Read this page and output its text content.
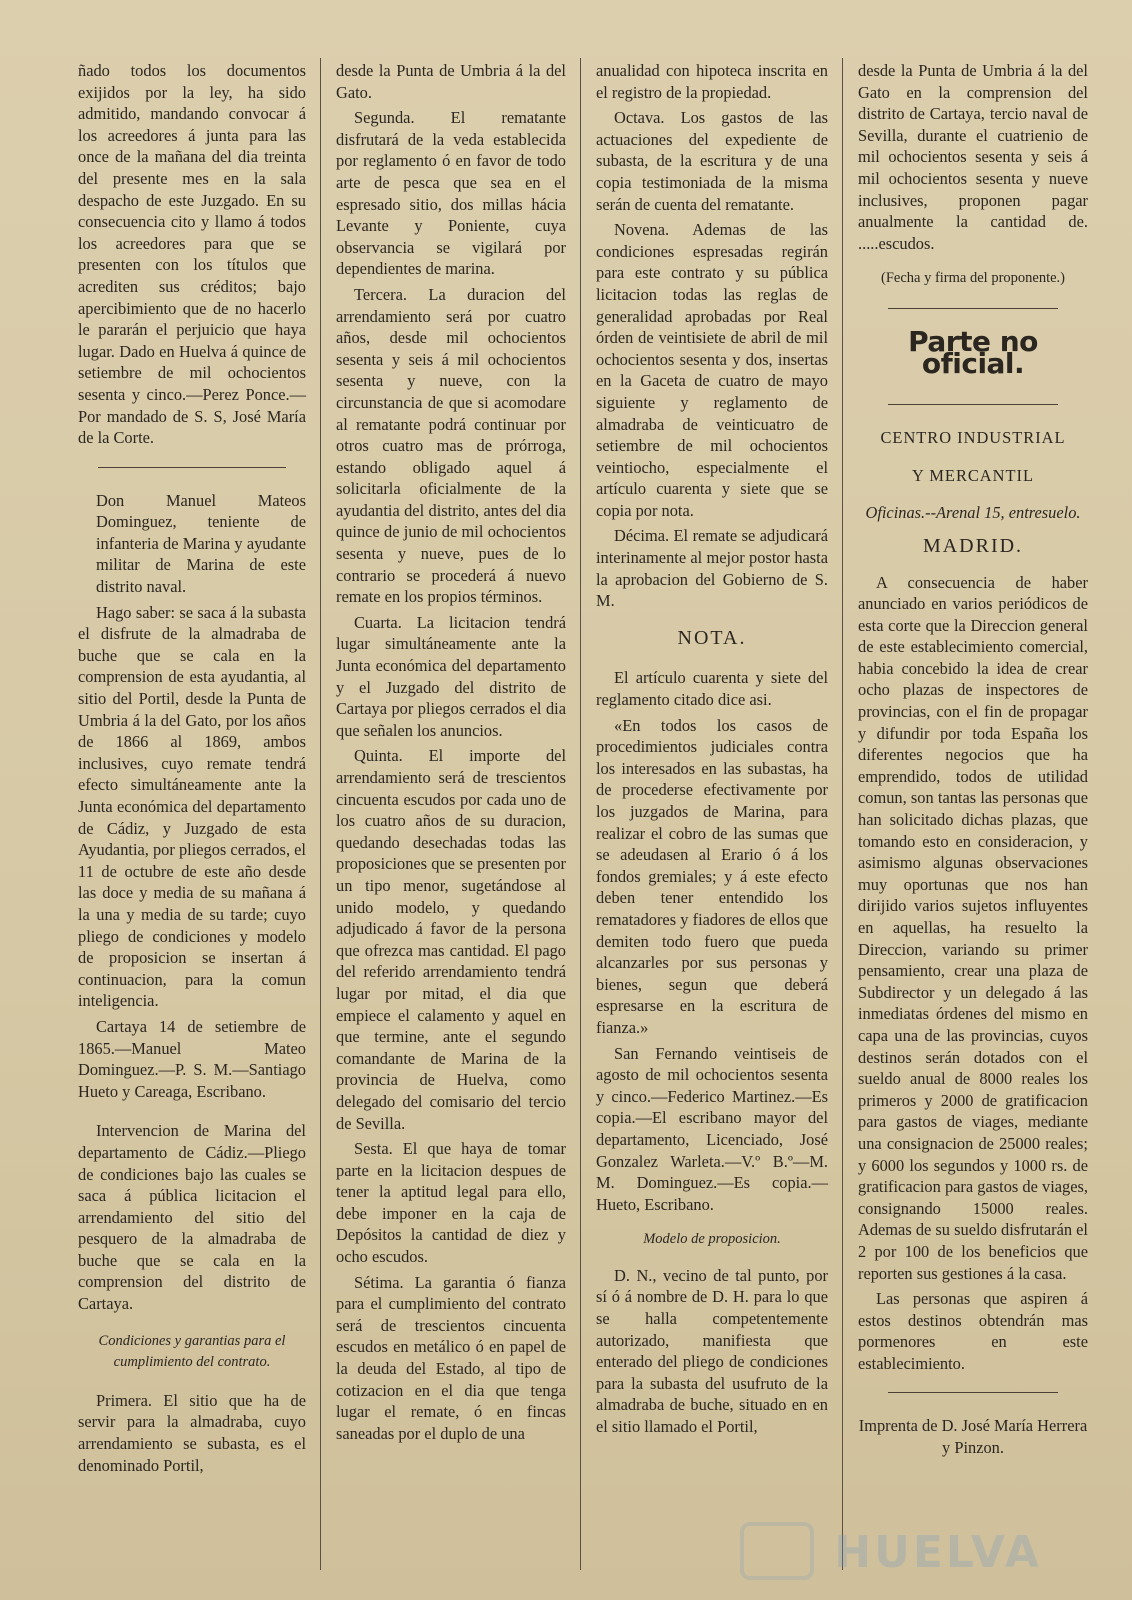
ñado todos los documentos exijidos por la ley, ha sido admitido, mandando convocar á los acreedores á junta para las once de la mañana del dia treinta del presente mes en la sala despacho de este Juzgado. En su consecuencia cito y llamo á todos los acreedores para que se presenten con los títulos que acrediten sus créditos; bajo apercibimiento que de no hacerlo le pararán el perjuicio que haya lugar. Dado en Huelva á quince de setiembre de mil ochocientos sesenta y cinco.—Perez Ponce.—Por mandado de S. S, José María de la Corte.

Don Manuel Mateos Dominguez, teniente de infanteria de Marina y ayudante militar de Marina de este distrito naval.

Hago saber: se saca á la subasta el disfrute de la almadraba de buche que se cala en la comprension de esta ayudantia, al sitio del Portil, desde la Punta de Umbria á la del Gato, por los años de 1866 al 1869, ambos inclusives, cuyo remate tendrá efecto simultáneamente ante la Junta económica del departamento de Cádiz, y Juzgado de esta Ayudantia, por pliegos cerrados, el 11 de octubre de este año desde las doce y media de su mañana á la una y media de su tarde; cuyo pliego de condiciones y modelo de proposicion se insertan á continuacion, para la comun inteligencia.

Cartaya 14 de setiembre de 1865.—Manuel Mateo Dominguez.—P. S. M.—Santiago Hueto y Careaga, Escribano.

Intervencion de Marina del departamento de Cádiz.—Pliego de condiciones bajo las cuales se saca á pública licitacion el arrendamiento del sitio del pesquero de la almadraba de buche que se cala en la comprension del distrito de Cartaya.

Condiciones y garantias para el cumplimiento del contrato.

Primera. El sitio que ha de servir para la almadraba, cuyo arrendamiento se subasta, es el denominado Portil,

desde la Punta de Umbria á la del Gato.

Segunda. El rematante disfrutará de la veda establecida por reglamento ó en favor de todo arte de pesca que sea en el espresado sitio, dos millas hácia Levante y Poniente, cuya observancia se vigilará por dependientes de marina.

Tercera. La duracion del arrendamiento será por cuatro años, desde mil ochocientos sesenta y seis á mil ochocientos sesenta y nueve, con la circunstancia de que si acomodare al rematante podrá continuar por otros cuatro mas de prórroga, estando obligado aquel á solicitarla oficialmente de la ayudantia del distrito, antes del dia quince de junio de mil ochocientos sesenta y nueve, pues de lo contrario se procederá á nuevo remate en los propios términos.

Cuarta. La licitacion tendrá lugar simultáneamente ante la Junta económica del departamento y el Juzgado del distrito de Cartaya por pliegos cerrados el dia que señalen los anuncios.

Quinta. El importe del arrendamiento será de trescientos cincuenta escudos por cada uno de los cuatro años de su duracion, quedando desechadas todas las proposiciones que se presenten por un tipo menor, sugetándose al unido modelo, y quedando adjudicado á favor de la persona que ofrezca mas cantidad. El pago del referido arrendamiento tendrá lugar por mitad, el dia que empiece el calamento y aquel en que termine, ante el segundo comandante de Marina de la provincia de Huelva, como delegado del comisario del tercio de Sevilla.

Sesta. El que haya de tomar parte en la licitacion despues de tener la aptitud legal para ello, debe imponer en la caja de Depósitos la cantidad de diez y ocho escudos.

Sétima. La garantia ó fianza para el cumplimiento del contrato será de trescientos cincuenta escudos en metálico ó en papel de la deuda del Estado, al tipo de cotizacion en el dia que tenga lugar el remate, ó en fincas saneadas por el duplo de una

anualidad con hipoteca inscrita en el registro de la propiedad.

Octava. Los gastos de las actuaciones del expediente de subasta, de la escritura y de una copia testimoniada de la misma serán de cuenta del rematante.

Novena. Ademas de las condiciones espresadas regirán para este contrato y su pública licitacion todas las reglas de generalidad aprobadas por Real órden de veintisiete de abril de mil ochocientos sesenta y dos, insertas en la Gaceta de cuatro de mayo siguiente y reglamento de almadraba de veinticuatro de setiembre de mil ochocientos veintiocho, especialmente el artículo cuarenta y siete que se copia por nota.

Décima. El remate se adjudicará interinamente al mejor postor hasta la aprobacion del Gobierno de S. M.

NOTA.

El artículo cuarenta y siete del reglamento citado dice asi.

«En todos los casos de procedimientos judiciales contra los interesados en las subastas, ha de procederse efectivamente por los juzgados de Marina, para realizar el cobro de las sumas que se adeudasen al Erario ó á los fondos gremiales; y á este efecto deben tener entendido los rematadores y fiadores de ellos que demiten todo fuero que pueda alcanzarles por sus personas y bienes, segun que deberá espresarse en la escritura de fianza.»

San Fernando veintiseis de agosto de mil ochocientos sesenta y cinco.—Federico Martinez.—Es copia.—El escribano mayor del departamento, Licenciado, José Gonzalez Warleta.—V.º B.º—M. M. Dominguez.—Es copia.—Hueto, Escribano.

Modelo de proposicion.

D. N., vecino de tal punto, por sí ó á nombre de D. H. para lo que se halla competentemente autorizado, manifiesta que enterado del pliego de condiciones para la subasta del usufruto de la almadraba de buche, situado en en el sitio llamado el Portil,

desde la Punta de Umbria á la del Gato en la comprension del distrito de Cartaya, tercio naval de Sevilla, durante el cuatrienio de mil ochocientos sesenta y seis á mil ochocientos sesenta y nueve inclusives, proponen pagar anualmente la cantidad de. .....escudos.

(Fecha y firma del proponente.)

Parte no oficial.

CENTRO INDUSTRIAL

Y MERCANTIL

Oficinas.--Arenal 15, entresuelo.

MADRID.

A consecuencia de haber anunciado en varios periódicos de esta corte que la Direccion general de este establecimiento comercial, habia concebido la idea de crear ocho plazas de inspectores de provincias, con el fin de propagar y difundir por toda España los diferentes negocios que ha emprendido, todos de utilidad comun, son tantas las personas que han solicitado dichas plazas, que tomando esto en consideracion, y asimismo algunas observaciones muy oportunas que nos han dirijido varios sujetos influyentes en aquellas, ha resuelto la Direccion, variando su primer pensamiento, crear una plaza de Subdirector y un delegado á las inmediatas órdenes del mismo en capa una de las provincias, cuyos destinos serán dotados con el sueldo anual de 8000 reales los primeros y 2000 de gratificacion para gastos de viages, mediante una consignacion de 25000 reales; y 6000 los segundos y 1000 rs. de gratificacion para gastos de viages, consignando 15000 reales. Ademas de su sueldo disfrutarán el 2 por 100 de los beneficios que reporten sus gestiones á la casa.

Las personas que aspiren á estos destinos obtendrán mas pormenores en este establecimiento.

Imprenta de D. José María Herrera y Pinzon.

HUELVA
